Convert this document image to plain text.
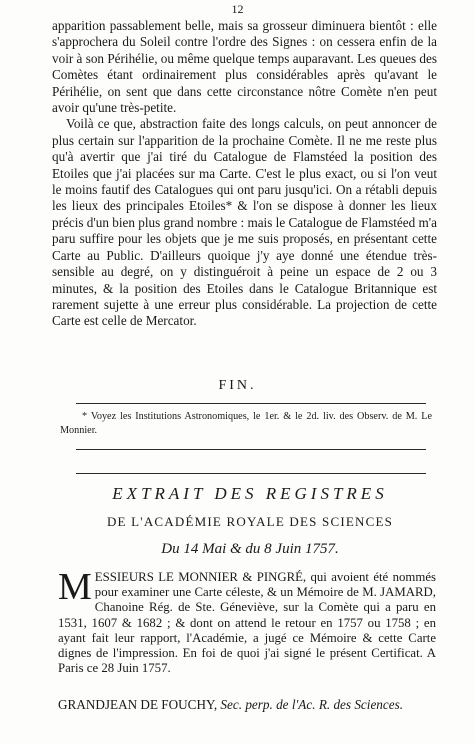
12

apparition passablement belle, mais sa grosseur diminuera bientôt : elle s'approchera du Soleil contre l'ordre des Signes : on cessera enfin de la voir à son Périhélie, ou même quelque temps auparavant. Les queues des Comètes étant ordinairement plus considérables après qu'avant le Périhélie, on sent que dans cette circonstance nôtre Comète n'en peut avoir qu'une très-petite.

Voilà ce que, abstraction faite des longs calculs, on peut annoncer de plus certain sur l'apparition de la prochaine Comète. Il ne me reste plus qu'à avertir que j'ai tiré du Catalogue de Flamstéed la position des Etoiles que j'ai placées sur ma Carte. C'est le plus exact, ou si l'on veut le moins fautif des Catalogues qui ont paru jusqu'ici. On a rétabli depuis les lieux des principales Etoiles* & l'on se dispose à donner les lieux précis d'un bien plus grand nombre : mais le Catalogue de Flamstéed m'a paru suffire pour les objets que je me suis proposés, en présentant cette Carte au Public. D'ailleurs quoique j'y aye donné une étendue très-sensible au degré, on y distinguéroit à peine un espace de 2 ou 3 minutes, & la position des Etoiles dans le Catalogue Britannique est rarement sujette à une erreur plus considérable. La projection de cette Carte est celle de Mercator.

FIN.
* Voyez les Institutions Astronomiques, le 1er. & le 2d. liv. des Observ. de M. Le Monnier.
EXTRAIT DES REGISTRES
DE L'ACADÉMIE ROYALE DES SCIENCES
Du 14 Mai & du 8 Juin 1757.
M ESSIEURS LE MONNIER & PINGRÉ, qui avoient été nommés pour examiner une Carte céleste, & un Mémoire de M. JAMARD, Chanoine Rég. de Ste. Géneviève, sur la Comète qui a paru en 1531, 1607 & 1682 ; & dont on attend le retour en 1757 ou 1758 ; en ayant fait leur rapport, l'Académie, a jugé ce Mémoire & cette Carte dignes de l'impression. En foi de quoi j'ai signé le présent Certificat. A Paris ce 28 Juin 1757.
GRANDJEAN DE FOUCHY, Sec. perp. de l'Ac. R. des Sciences.
